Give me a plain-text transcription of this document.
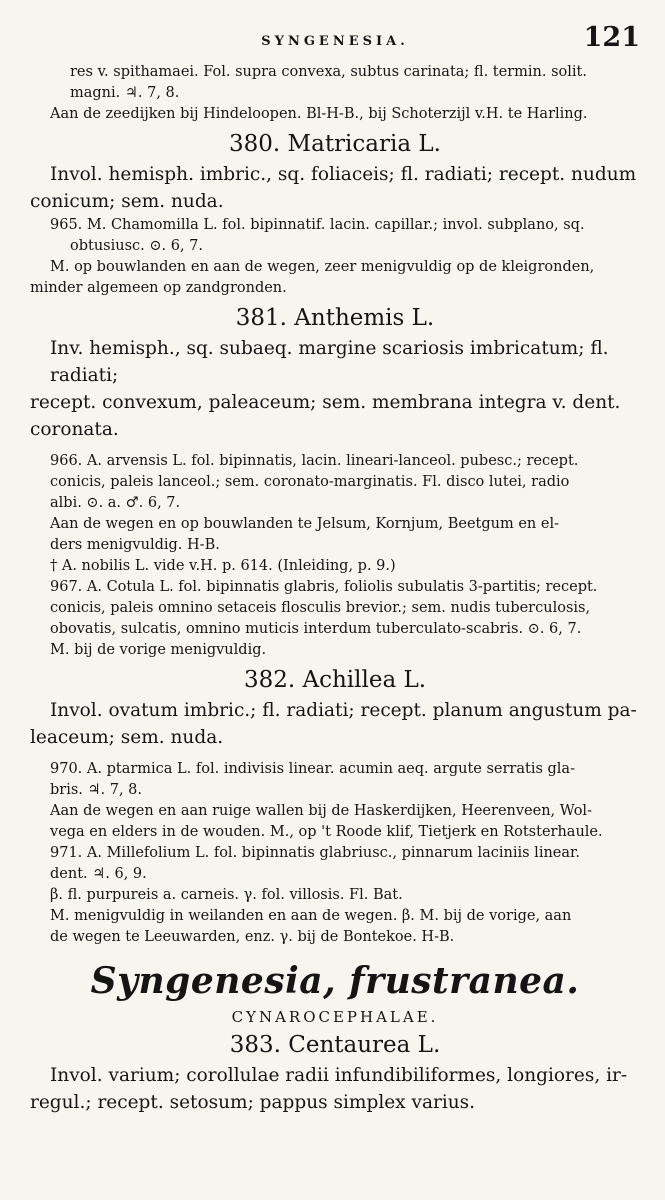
SYNGENESIA.	121

res v. spithamaei. Fol. supra convexa, subtus carinata; fl. termin. solit.

magni. ♃. 7, 8.

Aan de zeedijken bij Hindeloopen. Bl-H-B., bij Schoterzijl v.H. te Harling.

380. Matricaria L.

Invol. hemisph. imbric., sq. foliaceis; fl. radiati; recept. nudum

conicum; sem. nuda.

965. M. Chamomilla L. fol. bipinnatif. lacin. capillar.; invol. subplano, sq.

obtusiusc. ⊙. 6, 7.

M. op bouwlanden en aan de wegen, zeer menigvuldig op de kleigronden,

minder algemeen op zandgronden.

381. Anthemis L.

Inv. hemisph., sq. subaeq. margine scariosis imbricatum; fl. radiati;

recept. convexum, paleaceum; sem. membrana integra v. dent. coronata.

966. A. arvensis L. fol. bipinnatis, lacin. lineari-lanceol. pubesc.; recept.

conicis, paleis lanceol.; sem. coronato-marginatis. Fl. disco lutei, radio

albi. ⊙. a. ♂. 6, 7.

Aan de wegen en op bouwlanden te Jelsum, Kornjum, Beetgum en el-

ders menigvuldig. H-B.

† A. nobilis L. vide v.H. p. 614. (Inleiding, p. 9.)

967. A. Cotula L. fol. bipinnatis glabris, foliolis subulatis 3-partitis; recept.

conicis, paleis omnino setaceis flosculis brevior.; sem. nudis tuberculosis,

obovatis, sulcatis, omnino muticis interdum tuberculato-scabris. ⊙. 6, 7.

M. bij de vorige menigvuldig.

382. Achillea L.

Invol. ovatum imbric.; fl. radiati; recept. planum angustum pa-

leaceum; sem. nuda.

970. A. ptarmica L. fol. indivisis linear. acumin aeq. argute serratis gla-

bris. ♃. 7, 8.

Aan de wegen en aan ruige wallen bij de Haskerdijken, Heerenveen, Wol-

vega en elders in de wouden. M., op 't Roode klif, Tietjerk en Rotsterhaule.

971. A. Millefolium L. fol. bipinnatis glabriusc., pinnarum laciniis linear.

dent. ♃. 6, 9.

β. fl. purpureis a. carneis. γ. fol. villosis. Fl. Bat.

M. menigvuldig in weilanden en aan de wegen. β. M. bij de vorige, aan

de wegen te Leeuwarden, enz. γ. bij de Bontekoe. H-B.

Syngenesia, frustranea.
CYNAROCEPHALAE.
383. Centaurea L.

Invol. varium; corollulae radii infundibiliformes, longiores, ir-

regul.; recept. setosum; pappus simplex varius.
